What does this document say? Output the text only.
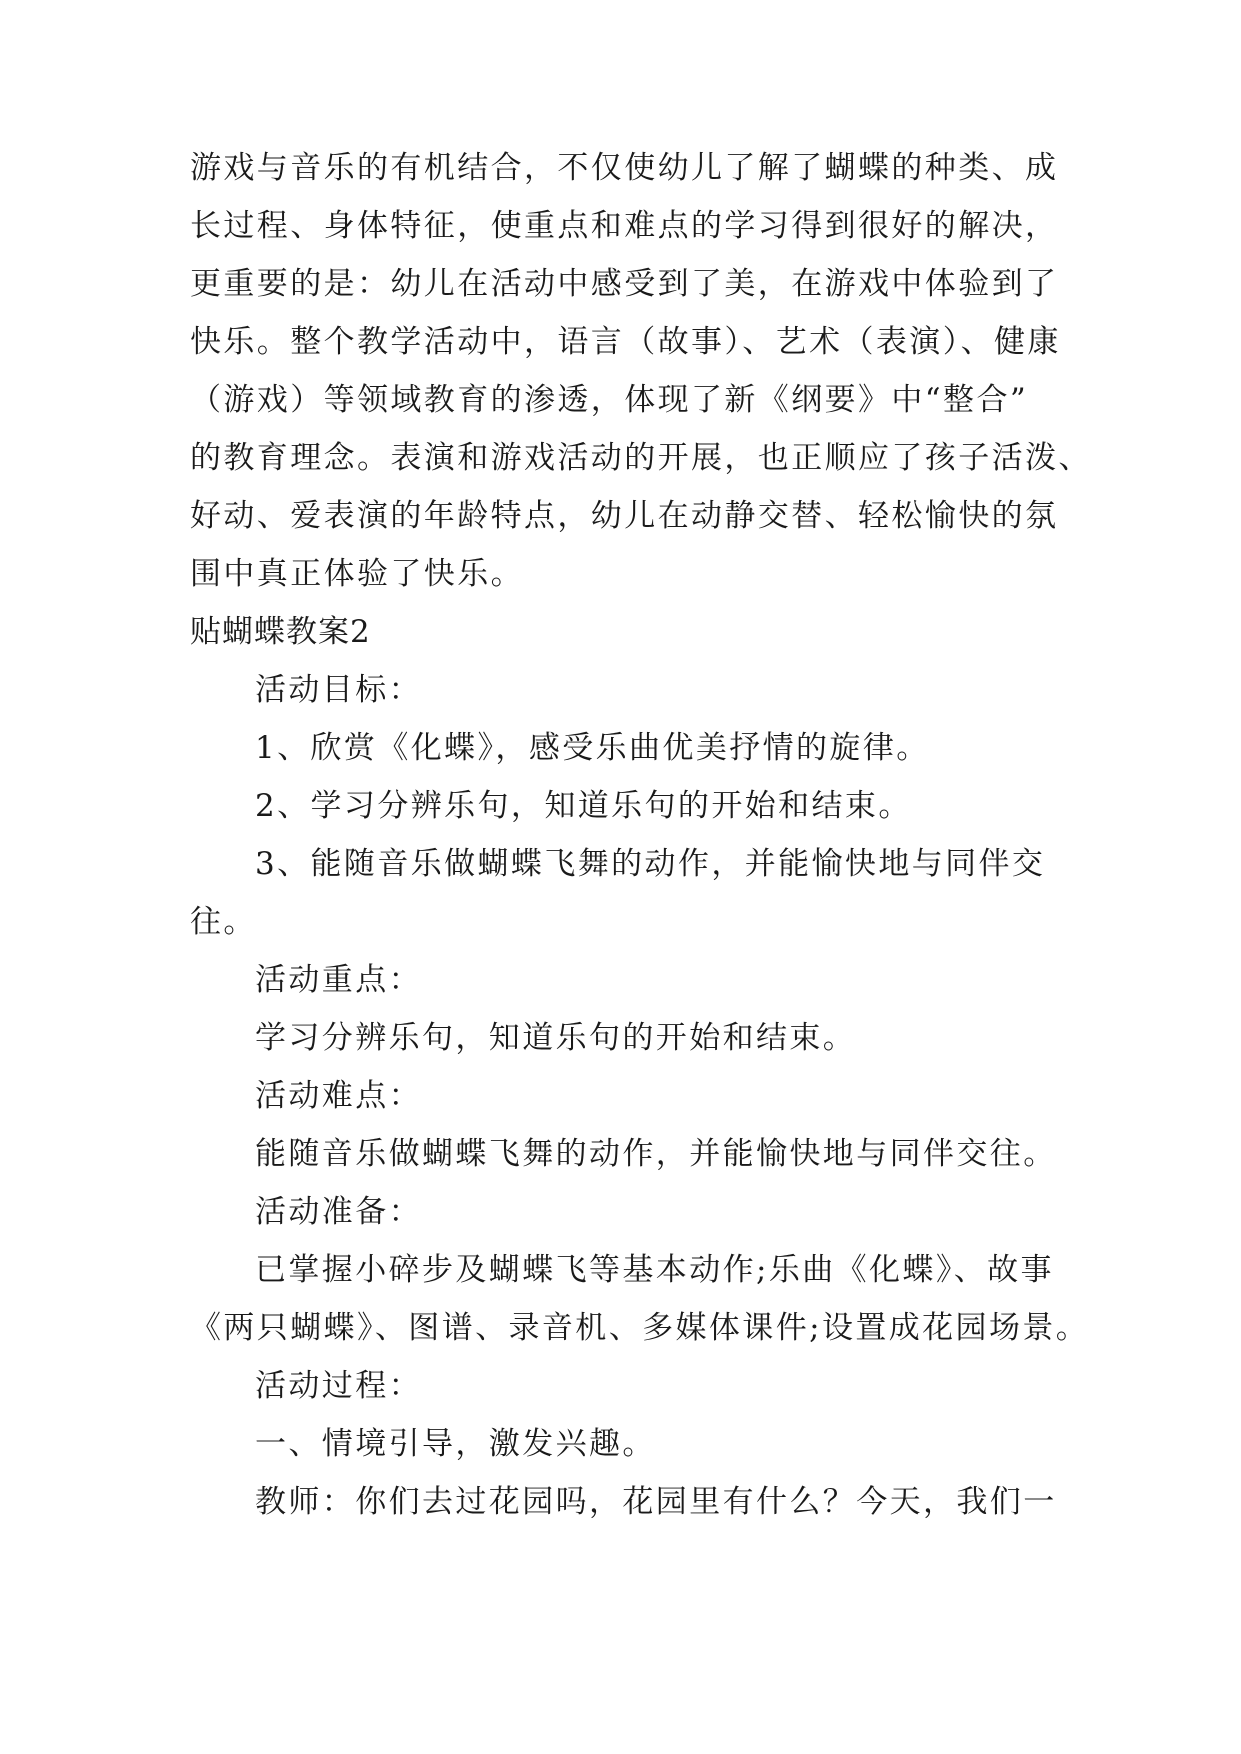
游戏与音乐的有机结合，不仅使幼儿了解了蝴蝶的种类、成
长过程、身体特征，使重点和难点的学习得到很好的解决，
更重要的是：幼儿在活动中感受到了美，在游戏中体验到了
快乐。整个教学活动中，语言（故事）、艺术（表演）、健康
（游戏）等领域教育的渗透，体现了新《纲要》中“整合”
的教育理念。表演和游戏活动的开展，也正顺应了孩子活泼、
好动、爱表演的年龄特点，幼儿在动静交替、轻松愉快的氛
围中真正体验了快乐。
贴蝴蝶教案2
活动目标：
1、欣赏《化蝶》，感受乐曲优美抒情的旋律。
2、学习分辨乐句，知道乐句的开始和结束。
3、能随音乐做蝴蝶飞舞的动作，并能愉快地与同伴交
往。
活动重点：
学习分辨乐句，知道乐句的开始和结束。
活动难点：
能随音乐做蝴蝶飞舞的动作，并能愉快地与同伴交往。
活动准备：
已掌握小碎步及蝴蝶飞等基本动作;乐曲《化蝶》、故事
《两只蝴蝶》、图谱、录音机、多媒体课件;设置成花园场景。
活动过程：
一、情境引导，激发兴趣。
教师：你们去过花园吗，花园里有什么？今天，我们一
